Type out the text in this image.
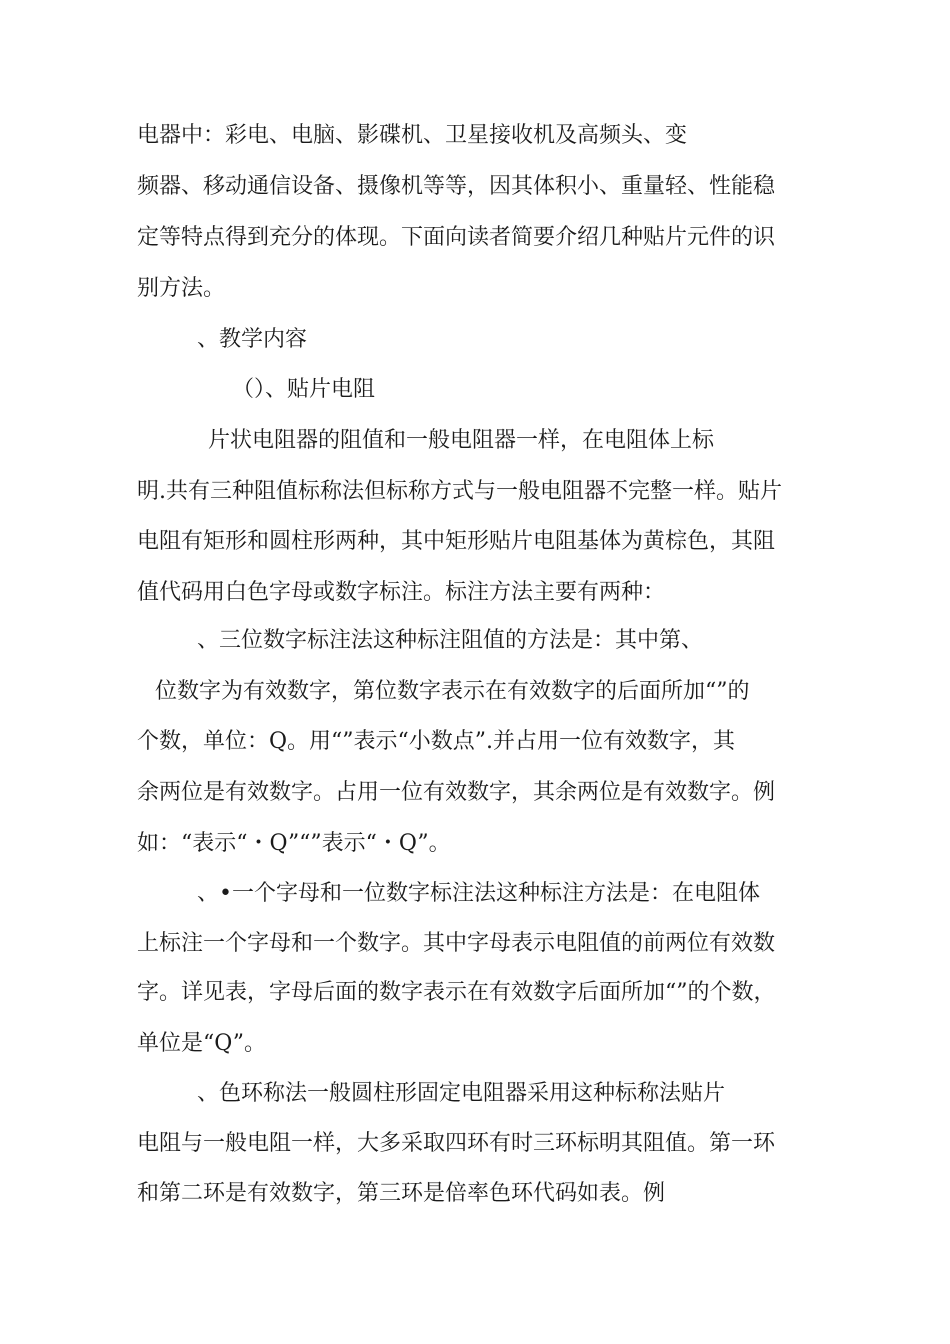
电器中：彩电、电脑、影碟机、卫星接收机及高频头、变
频器、移动通信设备、摄像机等等，因其体积小、重量轻、性能稳
定等特点得到充分的体现。下面向读者简要介绍几种贴片元件的识
别方法。
、教学内容
（）、贴片电阻
片状电阻器的阻值和一般电阻器一样，在电阻体上标
明.共有三种阻值标称法但标称方式与一般电阻器不完整一样。贴片
电阻有矩形和圆柱形两种，其中矩形贴片电阻基体为黄棕色，其阻
值代码用白色字母或数字标注。标注方法主要有两种：
、三位数字标注法这种标注阻值的方法是：其中第、
位数字为有效数字，第位数字表示在有效数字的后面所加“”的
个数，单位：Q。用“”表示“小数点”.并占用一位有效数字，其
余两位是有效数字。占用一位有效数字，其余两位是有效数字。例
如：“表示“・Q”“”表示“・Q”。
、•一个字母和一位数字标注法这种标注方法是：在电阻体
上标注一个字母和一个数字。其中字母表示电阻值的前两位有效数
字。详见表，字母后面的数字表示在有效数字后面所加“”的个数，
单位是“Q”。
、色环称法一般圆柱形固定电阻器采用这种标称法贴片
电阻与一般电阻一样，大多采取四环有时三环标明其阻值。第一环
和第二环是有效数字，第三环是倍率色环代码如表。例
